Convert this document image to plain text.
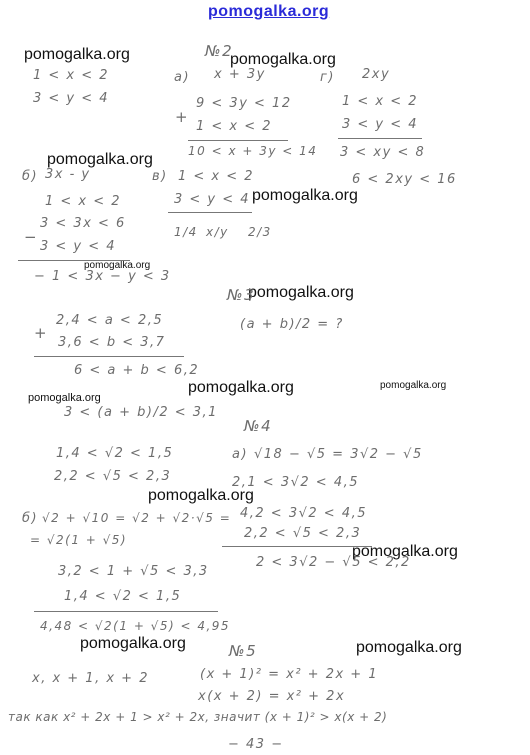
pomogalka.org
pomogalka.org	pomogalka.org
pomogalka.org
pomogalka.org
pomogalka.org
pomogalka.org
pomogalka.org	pomogalka.org
pomogalka.org
pomogalka.org
pomogalka.org
pomogalka.org	pomogalka.org
№2
1 < x < 2
3 < y < 4
а) x + 3y
9 < 3y < 12
+
1 < x < 2
10 < x + 3y < 14
г) 2xy
1 < x < 2
3 < y < 4
3 < xy < 8
6 < 2xy < 16
б) 3x - y
1 < x < 2
3 < 3x < 6
−
3 < y < 4
− 1 < 3x − y < 3
в) 1 < x < 2
3 < y < 4
1/4 x/y 2/3
№3
(a + b)/2 = ?
2,4 < a < 2,5
+
3,6 < b < 3,7
6 < a + b < 6,2
3 < (a + b)/2 < 3,1
№4
1,4 < √2 < 1,5
2,2 < √5 < 2,3
а) √18 − √5 = 3√2 − √5
2,1 < 3√2 < 4,5
4,2 < 3√2 < 4,5
2,2 < √5 < 2,3
2 < 3√2 − √5 < 2,2
б) √2 + √10 = √2 + √2·√5 =
= √2(1 + √5)
3,2 < 1 + √5 < 3,3
1,4 < √2 < 1,5
4,48 < √2(1 + √5) < 4,95
№5
x, x + 1, x + 2	(x + 1)² = x² + 2x + 1
x(x + 2) = x² + 2x
так как x² + 2x + 1 > x² + 2x, значит (x + 1)² > x(x + 2)
− 43 −
